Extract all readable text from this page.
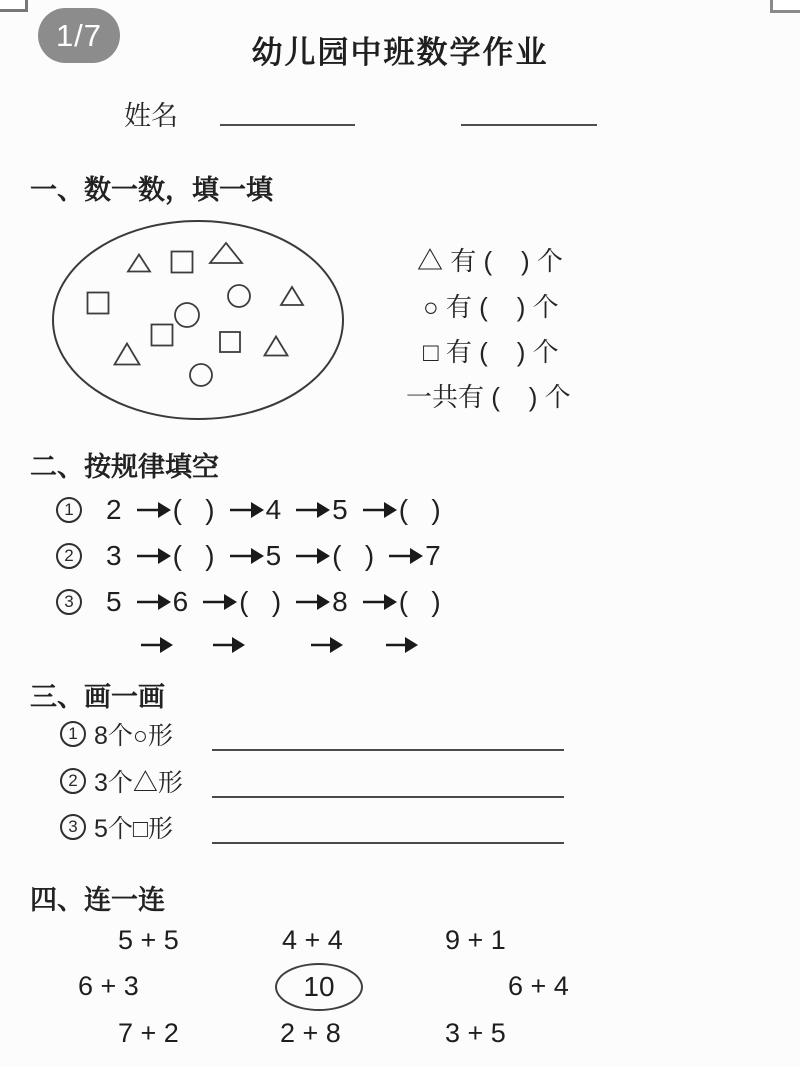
1/7	幼儿园中班数学作业
姓名
一、数一数，填一填
△ 有 (    ) 个
○ 有 (    ) 个
□ 有 (    ) 个
一共有 (    ) 个
二、按规律填空
1 2 (   ) 4 5 (   )
2 3 (   ) 5 (   ) 7
3 5 6 (   ) 8 (   )
三、画一画
1 8个○形
2 3个△形
3 5个□形
四、连一连
5 + 5	4 + 4	9 + 1
6 + 3	10	6 + 4
7 + 2	2 + 8	3 + 5
